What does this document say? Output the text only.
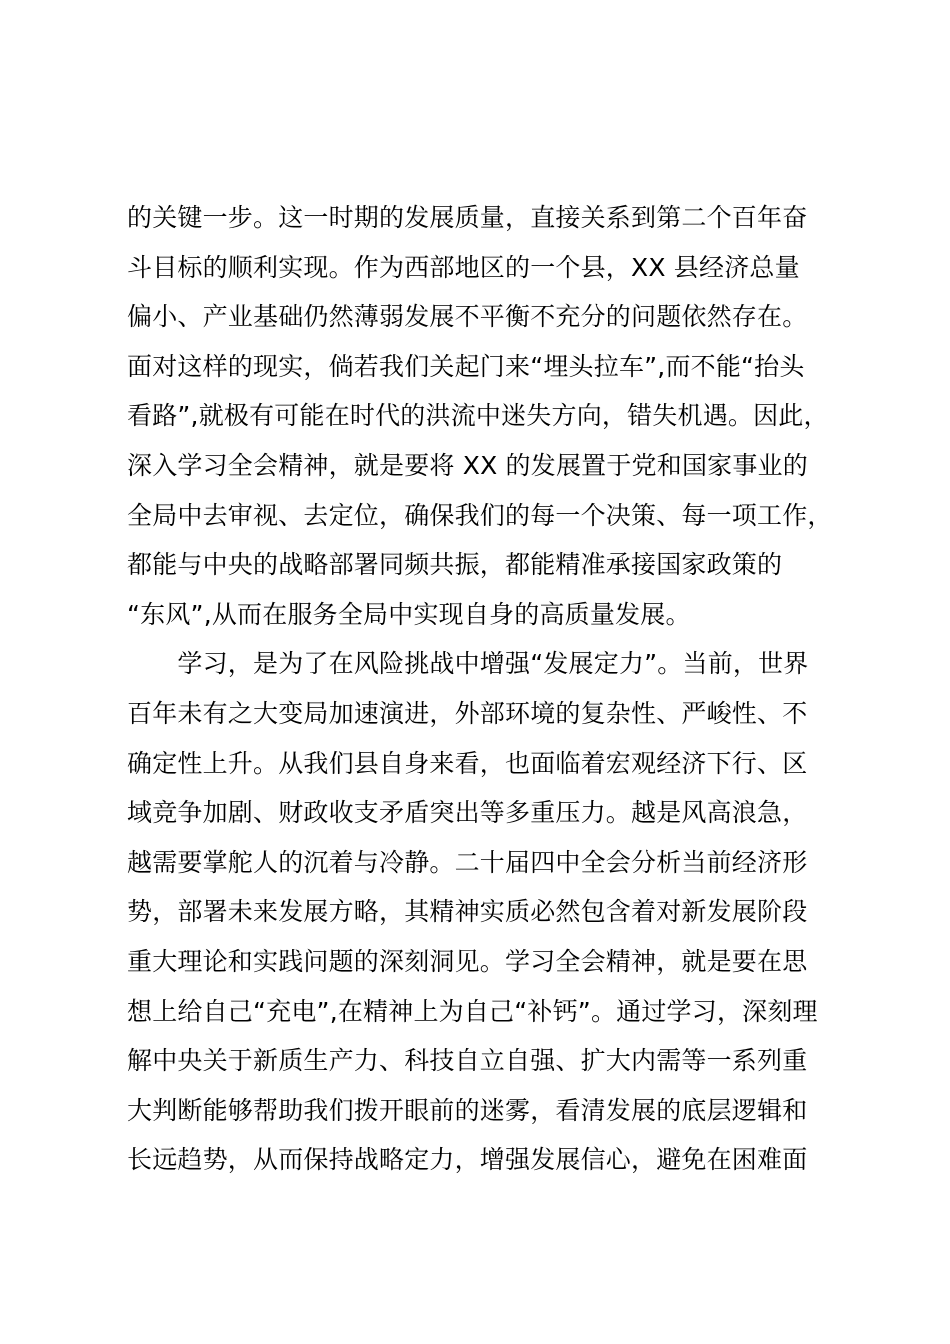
的关键一步。这一时期的发展质量，直接关系到第二个百年奋
斗目标的顺利实现。作为西部地区的一个县，XX 县经济总量
偏小、产业基础仍然薄弱发展不平衡不充分的问题依然存在。
面对这样的现实，倘若我们关起门来“埋头拉车”,而不能“抬头
看路”,就极有可能在时代的洪流中迷失方向，错失机遇。因此，
深入学习全会精神，就是要将 XX 的发展置于党和国家事业的
全局中去审视、去定位，确保我们的每一个决策、每一项工作，
都能与中央的战略部署同频共振，都能精准承接国家政策的
“东风”,从而在服务全局中实现自身的高质量发展。
　　学习，是为了在风险挑战中增强“发展定力”。当前，世界
百年未有之大变局加速演进，外部环境的复杂性、严峻性、不
确定性上升。从我们县自身来看，也面临着宏观经济下行、区
域竞争加剧、财政收支矛盾突出等多重压力。越是风高浪急，
越需要掌舵人的沉着与冷静。二十届四中全会分析当前经济形
势，部署未来发展方略，其精神实质必然包含着对新发展阶段
重大理论和实践问题的深刻洞见。学习全会精神，就是要在思
想上给自己“充电”,在精神上为自己“补钙”。通过学习，深刻理
解中央关于新质生产力、科技自立自强、扩大内需等一系列重
大判断能够帮助我们拨开眼前的迷雾，看清发展的底层逻辑和
长远趋势，从而保持战略定力，增强发展信心，避免在困难面
